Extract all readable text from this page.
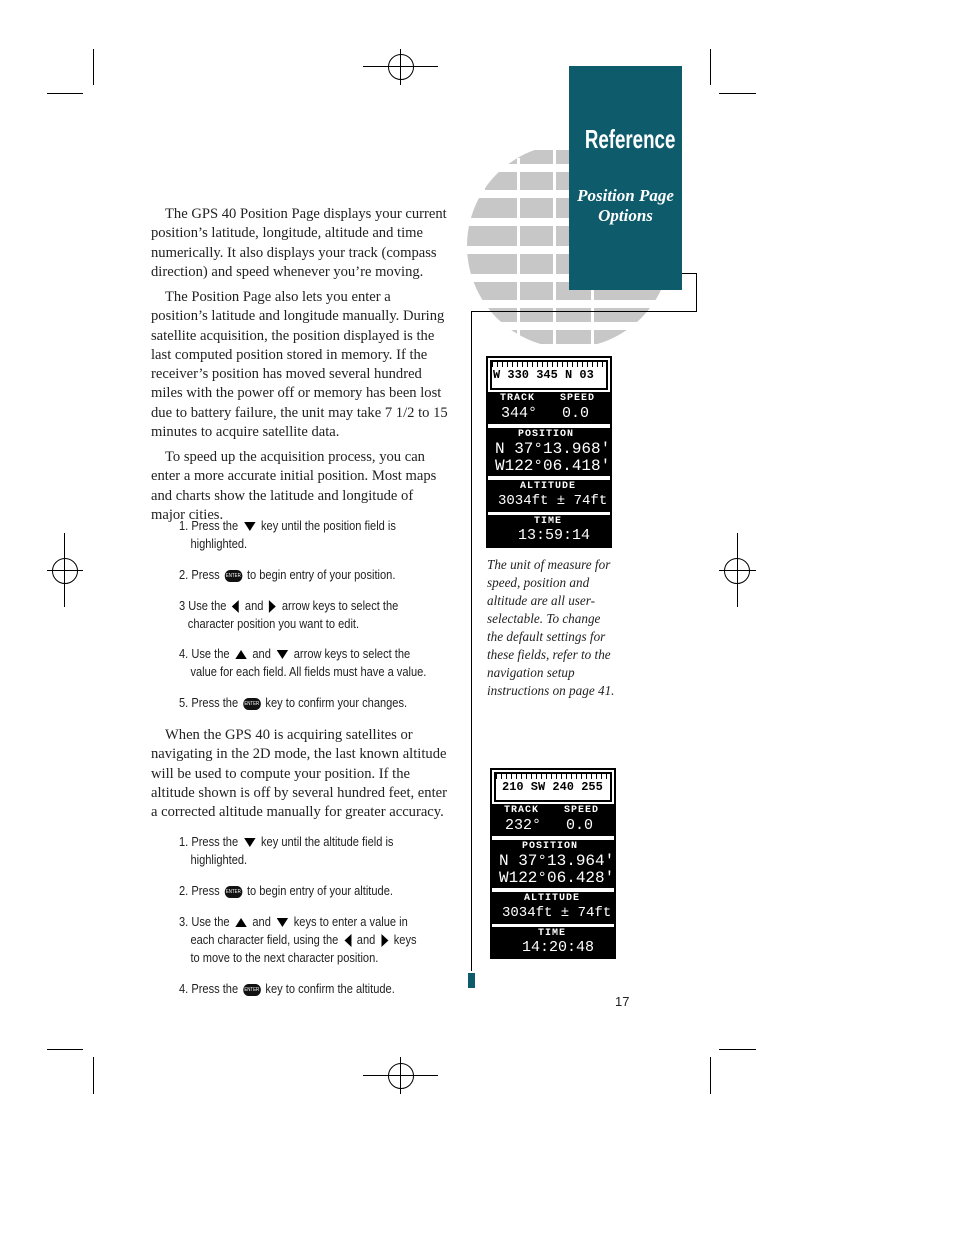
Reference
Position Page
Options
The GPS 40 Position Page displays your current position’s latitude, longitude, altitude and time numerically. It also displays your track (compass direction) and speed whenever you’re moving.
The Position Page also lets you enter a position’s latitude and longitude manually. During satellite acquisition, the position displayed is the last computed position stored in memory. If the receiver’s position has moved several hundred miles with the power off or memory has been lost due to battery failure, the unit may take 7 1/2 to 15 minutes to acquire satellite data.
To speed up the acquisition process, you can enter a more accurate initial position. Most maps and charts show the latitude and longitude of major cities.
1. Press the key until the position field is
highlighted.
2. Press ENTER to begin entry of your position.
3 Use the and arrow keys to select the
character position you want to edit.
4. Use the and arrow keys to select the
value for each field. All fields must have a value.
5. Press the ENTER key to confirm your changes.
When the GPS 40 is acquiring satellites or navigating in the 2D mode, the last known altitude will be used to compute your position. If the altitude shown is off by several hundred feet, enter a corrected altitude manually for greater accuracy.
1. Press the key until the altitude field is
highlighted.
2. Press ENTER to begin entry of your altitude.
3. Use the and keys to enter a value in
each character field, using the and keys
to move to the next character position.
4. Press the ENTER key to confirm the altitude.
W 330 345 N 03
TRACK SPEED
344° 0.0
POSITION
N 37°13.968'
W122°06.418'
ALTITUDE
3034ft ± 74ft
TIME
13:59:14
The unit of measure for speed, position and altitude are all user-selectable. To change the default settings for these fields, refer to the navigation setup instructions on page 41.
210 SW 240 255
TRACK SPEED
232° 0.0
POSITION
N 37°13.964'
W122°06.428'
ALTITUDE
3034ft ± 74ft
TIME
14:20:48
17
